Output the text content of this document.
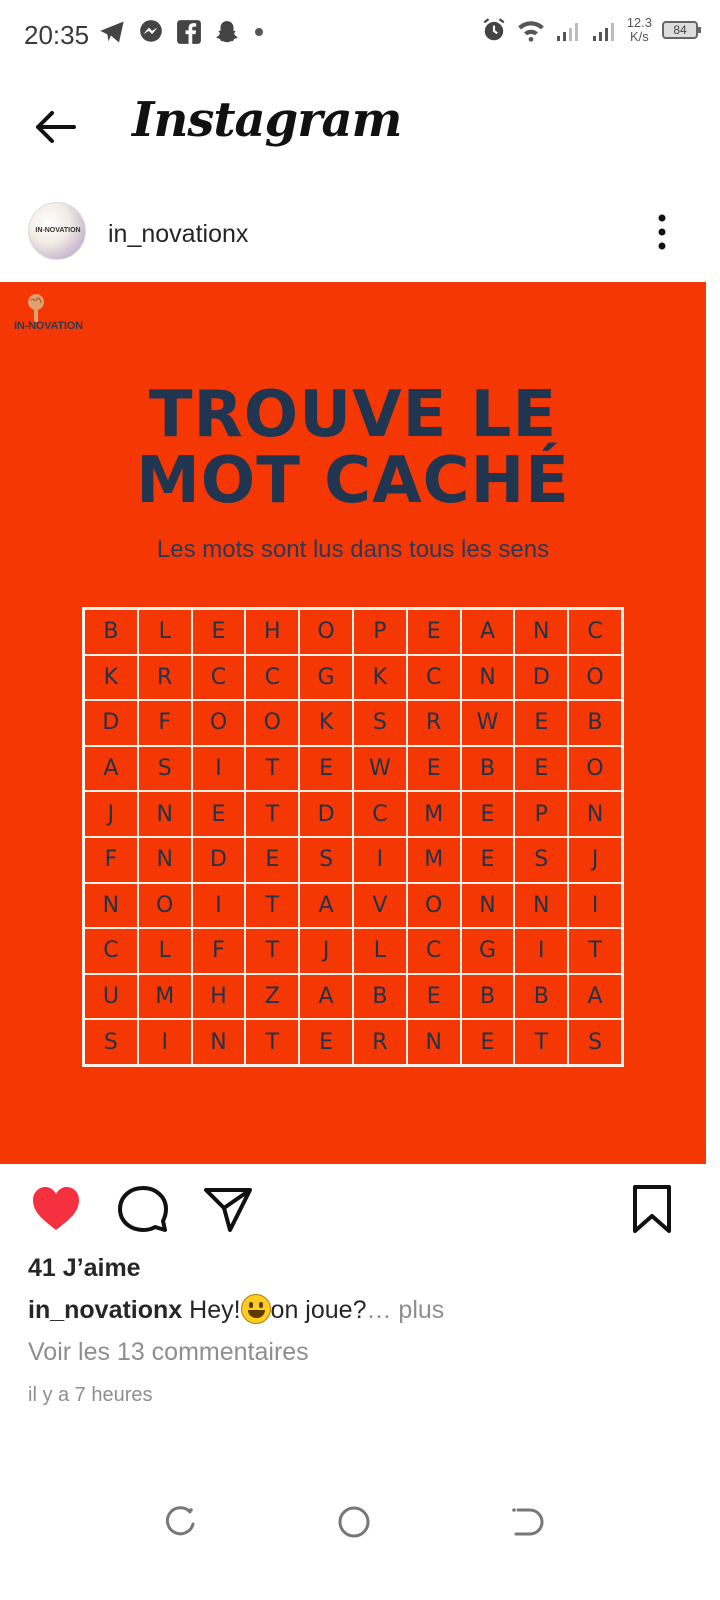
20:35	12.3
K/s	84
Instagram
IN-NOVATION in_novationx
IN-NOVATION
TROUVE LE
MOT CACHÉ
Les mots sont lus dans tous les sens
B	L	E	H	O	P	E	A	N	C
K	R	C	C	G	K	C	N	D	O
D	F	O	O	K	S	R	W	E	B
A	S	I	T	E	W	E	B	E	O
J	N	E	T	D	C	M	E	P	N
F	N	D	E	S	I	M	E	S	J
N	O	I	T	A	V	O	N	N	I
C	L	F	T	J	L	C	G	I	T
U	M	H	Z	A	B	E	B	B	A
S	I	N	T	E	R	N	E	T	S
41 J’aime
in_novationx Hey! on joue?… plus
Voir les 13 commentaires
il y a 7 heures
